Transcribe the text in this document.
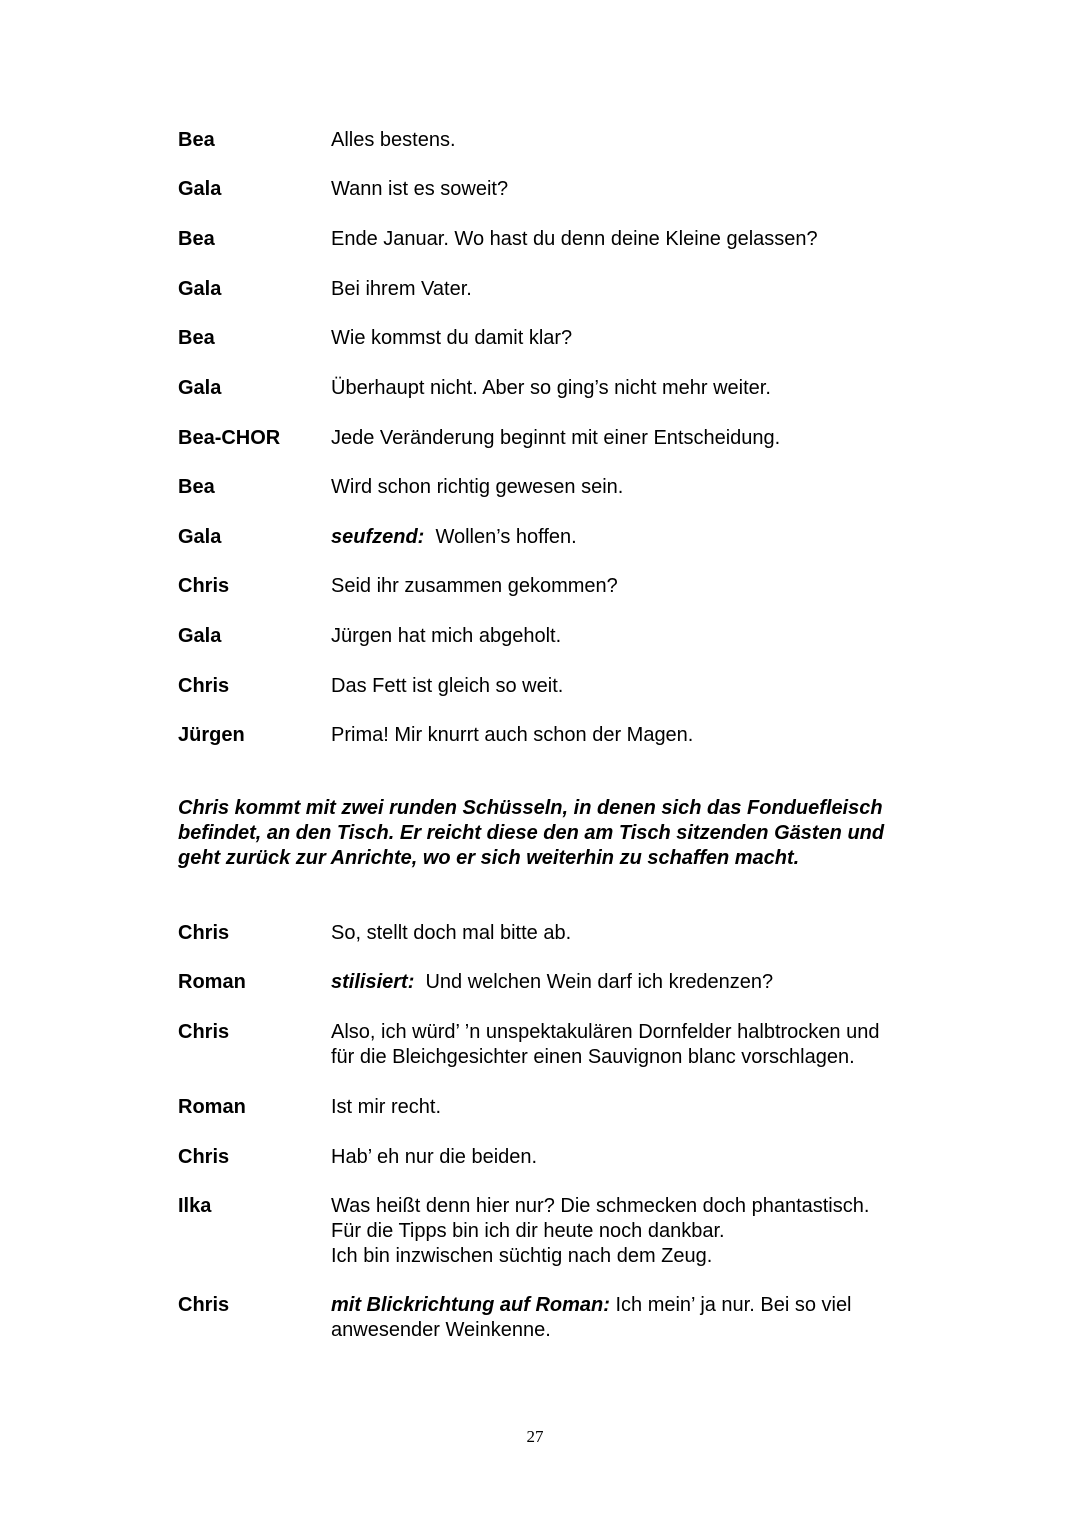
Bea	Alles bestens.
Gala	Wann ist es soweit?
Bea	Ende Januar. Wo hast du denn deine Kleine gelassen?
Gala	Bei ihrem Vater.
Bea	Wie kommst du damit klar?
Gala	Überhaupt nicht. Aber so ging’s nicht mehr weiter.
Bea-CHOR	Jede Veränderung beginnt mit einer Entscheidung.
Bea	Wird schon richtig gewesen sein.
Gala	seufzend: Wollen’s hoffen.
Chris	Seid ihr zusammen gekommen?
Gala	Jürgen hat mich abgeholt.
Chris	Das Fett ist gleich so weit.
Jürgen	Prima! Mir knurrt auch schon der Magen.
Chris kommt mit zwei runden Schüsseln, in denen sich das Fonduefleisch
befindet, an den Tisch. Er reicht diese den am Tisch sitzenden Gästen und
geht zurück zur Anrichte, wo er sich weiterhin zu schaffen macht.
Chris	So, stellt doch mal bitte ab.
Roman	stilisiert: Und welchen Wein darf ich kredenzen?
Chris	Also, ich würd’ ’n unspektakulären Dornfelder halbtrocken und
für die Bleichgesichter einen Sauvignon blanc vorschlagen.
Roman	Ist mir recht.
Chris	Hab’ eh nur die beiden.
Ilka	Was heißt denn hier nur? Die schmecken doch phantastisch.
Für die Tipps bin ich dir heute noch dankbar.
Ich bin inzwischen süchtig nach dem Zeug.
Chris	mit Blickrichtung auf Roman: Ich mein’ ja nur. Bei so viel
anwesender Weinkenne.
27
